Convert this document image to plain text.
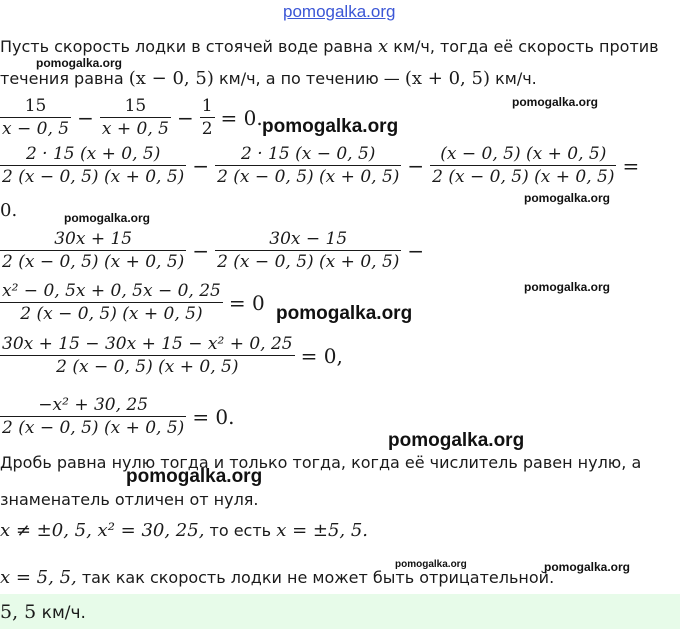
pomogalka.org
Пусть скорость лодки в стоячей воде равна x км/ч, тогда её скорость против
течения равна (x − 0, 5) км/ч, а по течению — (x + 0, 5) км/ч.
$\frac{15}{x - 0, 5} - \frac{15}{x + 0, 5} - \frac{1}{2} = 0$.
$\frac{2 \cdot 15 (x + 0, 5)}{2 (x - 0, 5) (x + 0, 5)} - \frac{2 \cdot 15 (x - 0, 5)}{2 (x - 0, 5) (x + 0, 5)} - \frac{(x - 0, 5) (x + 0, 5)}{2 (x - 0, 5) (x + 0, 5)}$ =
0.
$\frac{30x + 15}{2 (x - 0, 5) (x + 0, 5)} - \frac{30x - 15}{2 (x - 0, 5) (x + 0, 5)}$ −
$\frac{\text{x² − 0, 5x + 0, 5x − 0, 25}}{2 (x - 0, 5) (x + 0, 5)} = 0$
$\frac{\text{30x + 15 − 30x + 15 − x² + 0, 25}}{2 (x - 0, 5) (x + 0, 5)} = 0$,
$\frac{\text{−x² + 30, 25}}{2 (x - 0, 5) (x + 0, 5)} = 0$.
Дробь равна нулю тогда и только тогда, когда её числитель равен нулю, а
знаменатель отличен от нуля.
x ≠ ±0, 5, x² = 30, 25, то есть x = ±5, 5.
x = 5, 5, так как скорость лодки не может быть отрицательной.
5, 5 км/ч.
pomogalka.org
pomogalka.org
pomogalka.org
pomogalka.org
pomogalka.org
pomogalka.org
pomogalka.org
pomogalka.org
pomogalka.org
pomogalka.org	pomogalka.org
